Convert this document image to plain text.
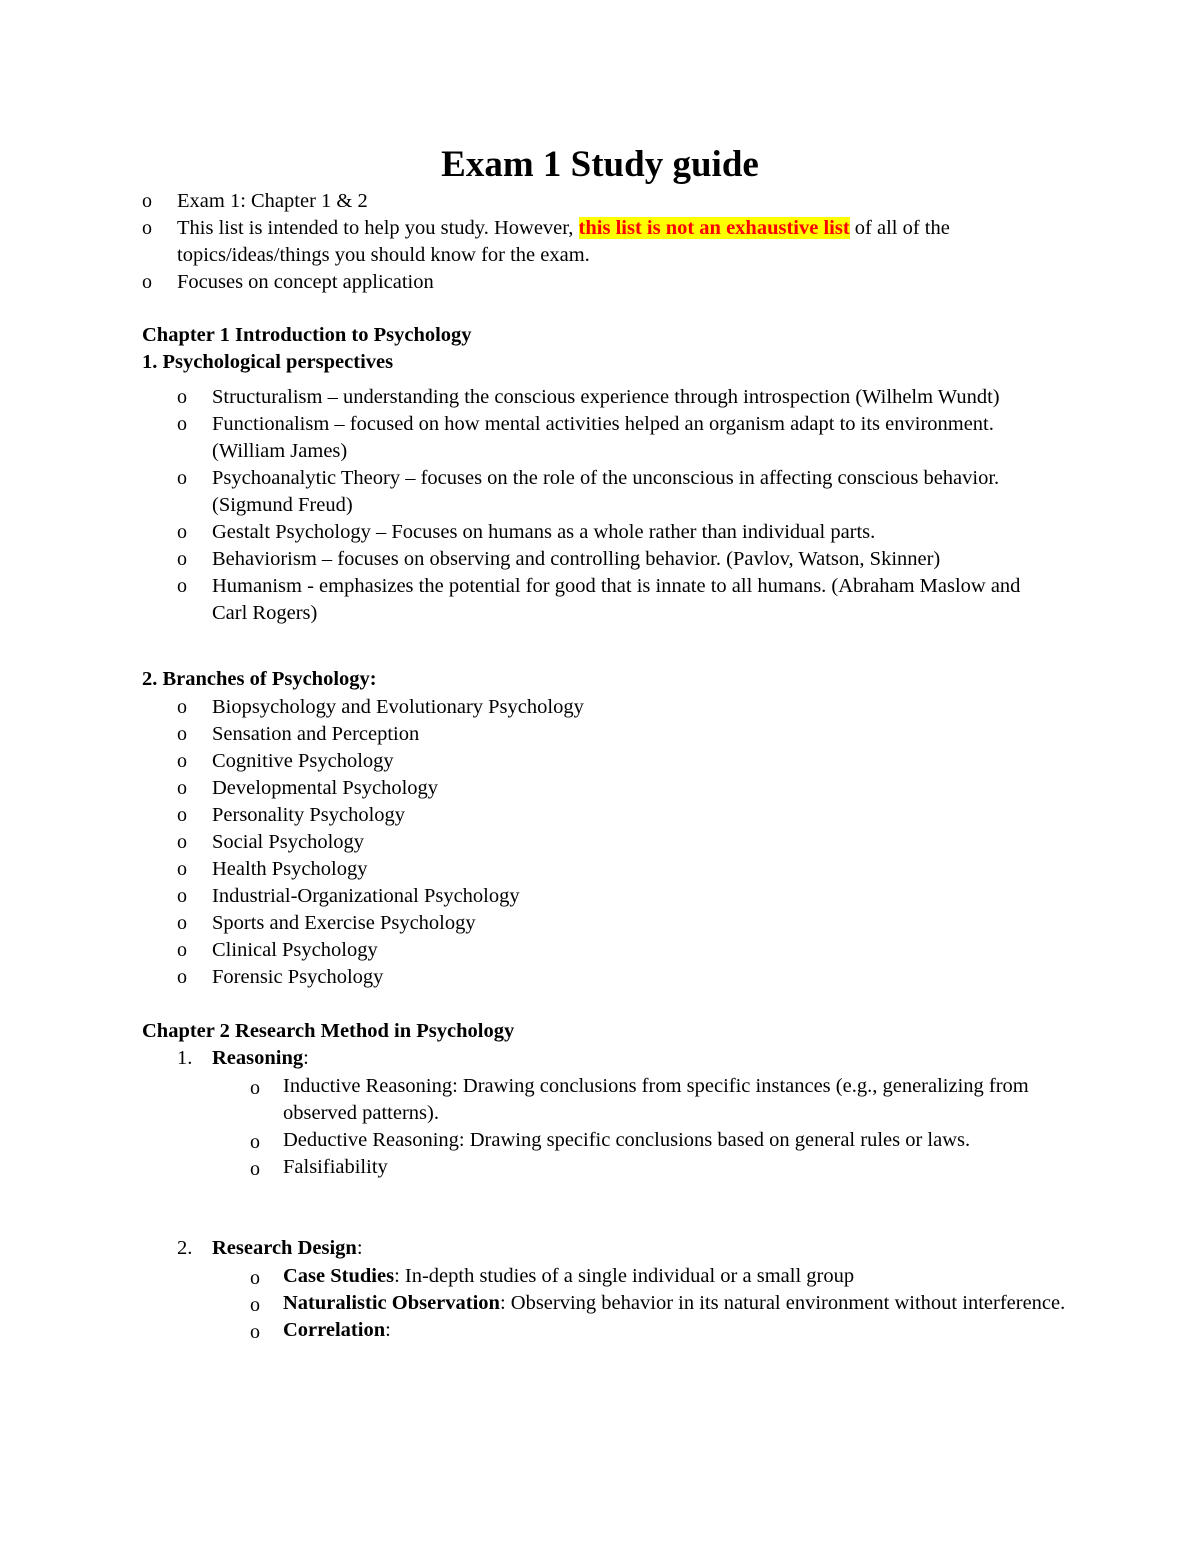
Exam 1 Study guide
o Exam 1: Chapter 1 & 2
o This list is intended to help you study. However, this list is not an exhaustive list of all of the topics/ideas/things you should know for the exam.
o Focuses on concept application

Chapter 1 Introduction to Psychology

1. Psychological perspectives

o Structuralism – understanding the conscious experience through introspection (Wilhelm Wundt)
o Functionalism – focused on how mental activities helped an organism adapt to its environment. (William James)
o Psychoanalytic Theory – focuses on the role of the unconscious in affecting conscious behavior. (Sigmund Freud)
o Gestalt Psychology – Focuses on humans as a whole rather than individual parts.
o Behaviorism – focuses on observing and controlling behavior. (Pavlov, Watson, Skinner)
o Humanism - emphasizes the potential for good that is innate to all humans. (Abraham Maslow and Carl Rogers)

2. Branches of Psychology:

o Biopsychology and Evolutionary Psychology
o Sensation and Perception
o Cognitive Psychology
o Developmental Psychology
o Personality Psychology
o Social Psychology
o Health Psychology
o Industrial-Organizational Psychology
o Sports and Exercise Psychology
o Clinical Psychology
o Forensic Psychology

Chapter 2 Research Method in Psychology

1. Reasoning:
o Inductive Reasoning: Drawing conclusions from specific instances (e.g., generalizing from observed patterns).
o Deductive Reasoning: Drawing specific conclusions based on general rules or laws.
o Falsifiability
2. Research Design:
o Case Studies: In-depth studies of a single individual or a small group
o Naturalistic Observation: Observing behavior in its natural environment without interference.
o Correlation:
